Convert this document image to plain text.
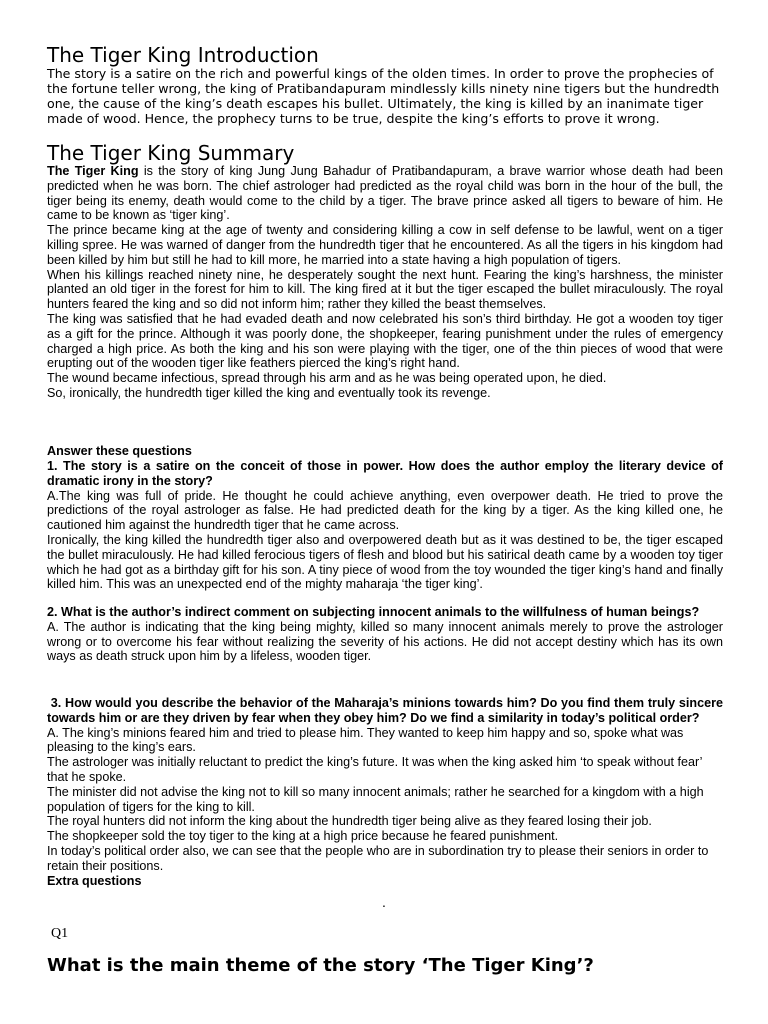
The Tiger King Introduction

The story is a satire on the rich and powerful kings of the olden times. In order to prove the prophecies of the fortune teller wrong, the king of Pratibandapuram mindlessly kills ninety nine tigers but the hundredth one, the cause of the king’s death escapes his bullet. Ultimately, the king is killed by an inanimate tiger made of wood. Hence, the prophecy turns to be true, despite the king’s efforts to prove it wrong.

The Tiger King Summary

The Tiger King is the story of king Jung Jung Bahadur of Pratibandapuram, a brave warrior whose death had been predicted when he was born. The chief astrologer had predicted as the royal child was born in the hour of the bull, the tiger being its enemy, death would come to the child by a tiger. The brave prince asked all tigers to beware of him. He came to be known as ‘tiger king’.

The prince became king at the age of twenty and considering killing a cow in self defense to be lawful, went on a tiger killing spree. He was warned of danger from the hundredth tiger that he encountered. As all the tigers in his kingdom had been killed by him but still he had to kill more, he married into a state having a high population of tigers.

When his killings reached ninety nine, he desperately sought the next hunt. Fearing the king’s harshness, the minister planted an old tiger in the forest for him to kill. The king fired at it but the tiger escaped the bullet miraculously. The royal hunters feared the king and so did not inform him; rather they killed the beast themselves.

The king was satisfied that he had evaded death and now celebrated his son’s third birthday. He got a wooden toy tiger as a gift for the prince. Although it was poorly done, the shopkeeper, fearing punishment under the rules of emergency charged a high price. As both the king and his son were playing with the tiger, one of the thin pieces of wood that were erupting out of the wooden tiger like feathers pierced the king’s right hand.

The wound became infectious, spread through his arm and as he was being operated upon, he died.

So, ironically, the hundredth tiger killed the king and eventually took its revenge.

Answer these questions

1. The story is a satire on the conceit of those in power. How does the author employ the literary device of dramatic irony in the story?

A.The king was full of pride. He thought he could achieve anything, even overpower death. He tried to prove the predictions of the royal astrologer as false. He had predicted death for the king by a tiger. As the king killed one, he cautioned him against the hundredth tiger that he came across.

Ironically, the king killed the hundredth tiger also and overpowered death but as it was destined to be, the tiger escaped the bullet miraculously. He had killed ferocious tigers of flesh and blood but his satirical death came by a wooden toy tiger which he had got as a birthday gift for his son. A tiny piece of wood from the toy wounded the tiger king’s hand and finally killed him. This was an unexpected end of the mighty maharaja ‘the tiger king’.

2. What is the author’s indirect comment on subjecting innocent animals to the willfulness of human beings?

A. The author is indicating that the king being mighty, killed so many innocent animals merely to prove the astrologer wrong or to overcome his fear without realizing the severity of his actions. He did not accept destiny which has its own ways as death struck upon him by a lifeless, wooden tiger.

3. How would you describe the behavior of the Maharaja’s minions towards him? Do you find them truly sincere towards him or are they driven by fear when they obey him? Do we find a similarity in today’s political order?

A. The king’s minions feared him and tried to please him. They wanted to keep him happy and so, spoke what was pleasing to the king’s ears.

The astrologer was initially reluctant to predict the king’s future. It was when the king asked him ‘to speak without fear’ that he spoke.

The minister did not advise the king not to kill so many innocent animals; rather he searched for a kingdom with a high population of tigers for the king to kill.

The royal hunters did not inform the king about the hundredth tiger being alive as they feared losing their job.

The shopkeeper sold the toy tiger to the king at a high price because he feared punishment.

In today’s political order also, we can see that the people who are in subordination try to please their seniors in order to retain their positions.

Extra questions

.
Q1
What is the main theme of the story ‘The Tiger King’?
